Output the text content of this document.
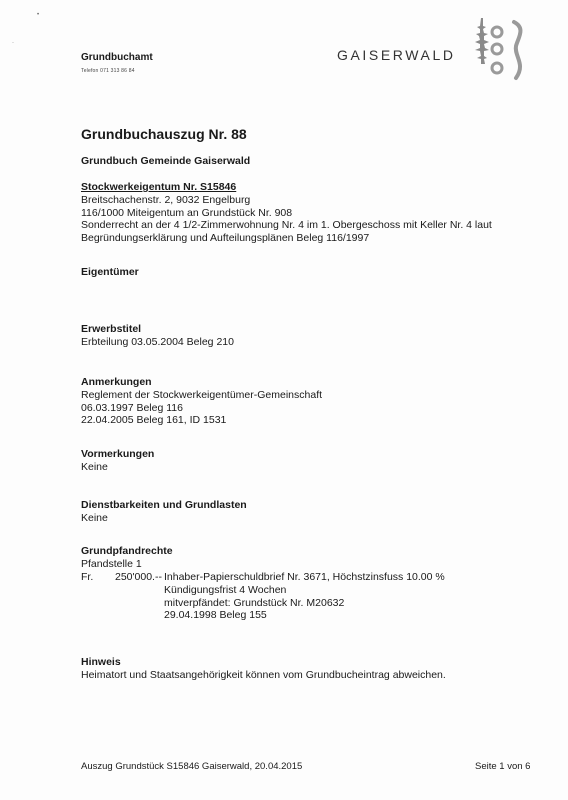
•
·
Grundbuchamt
Telefon 071 313 86 84
GAISERWALD
Grundbuchauszug Nr. 88
Grundbuch Gemeinde Gaiserwald
Stockwerkeigentum Nr. S15846
Breitschachenstr. 2, 9032 Engelburg
116/1000 Miteigentum an Grundstück Nr. 908
Sonderrecht an der 4 1/2-Zimmerwohnung Nr. 4 im 1. Obergeschoss mit Keller Nr. 4 laut
Begründungserklärung und Aufteilungsplänen Beleg 116/1997
Eigentümer
Erwerbstitel
Erbteilung 03.05.2004 Beleg 210
Anmerkungen
Reglement der Stockwerkeigentümer-Gemeinschaft
06.03.1997 Beleg 116
22.04.2005 Beleg 161, ID 1531
Vormerkungen
Keine
Dienstbarkeiten und Grundlasten
Keine
Grundpfandrechte
Pfandstelle 1
Fr. 250'000.-- Inhaber-Papierschuldbrief Nr. 3671, Höchstzinsfuss 10.00 %
Kündigungsfrist 4 Wochen
mitverpfändet: Grundstück Nr. M20632
29.04.1998 Beleg 155
Hinweis
Heimatort und Staatsangehörigkeit können vom Grundbucheintrag abweichen.
Auszug Grundstück S15846 Gaiserwald, 20.04.2015	Seite 1 von 6
